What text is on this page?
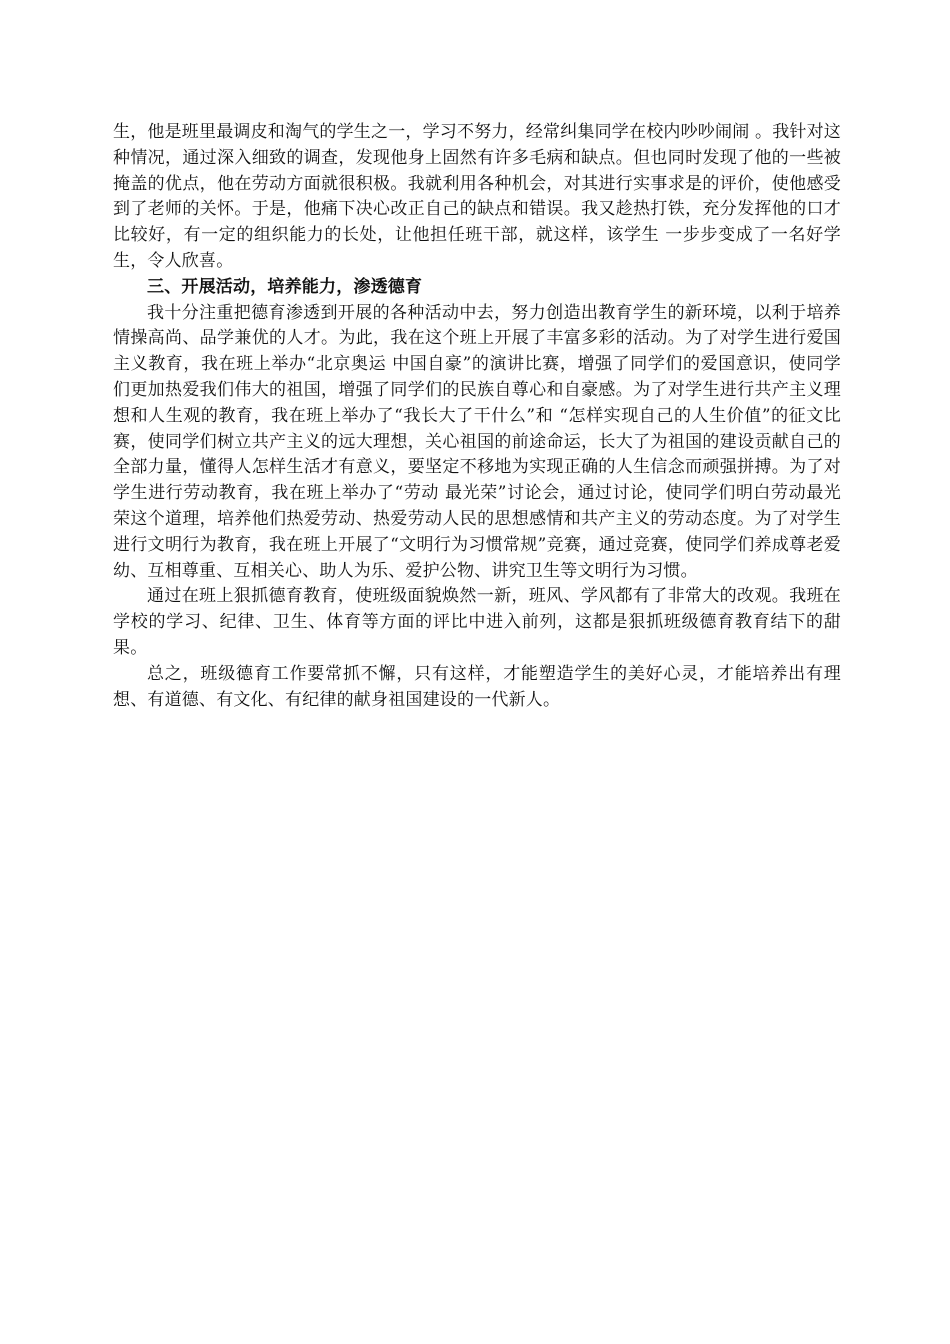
生，他是班里最调皮和淘气的学生之一，学习不努力，经常纠集同学在校内吵吵闹闹 。我针对这种情况，通过深入细致的调查，发现他身上固然有许多毛病和缺点。但也同时发现了他的一些被掩盖的优点，他在劳动方面就很积极。我就利用各种机会，对其进行实事求是的评价，使他感受到了老师的关怀。于是，他痛下决心改正自己的缺点和错误。我又趁热打铁，充分发挥他的口才比较好，有一定的组织能力的长处，让他担任班干部，就这样，该学生 一步步变成了一名好学生，令人欣喜。

三、开展活动，培养能力，渗透德育

我十分注重把德育渗透到开展的各种活动中去，努力创造出教育学生的新环境，以利于培养情操高尚、品学兼优的人才。为此，我在这个班上开展了丰富多彩的活动。为了对学生进行爱国主义教育，我在班上举办“北京奥运 中国自豪”的演讲比赛，增强了同学们的爱国意识，使同学们更加热爱我们伟大的祖国，增强了同学们的民族自尊心和自豪感。为了对学生进行共产主义理想和人生观的教育，我在班上举办了“我长大了干什么”和 “怎样实现自己的人生价值”的征文比赛，使同学们树立共产主义的远大理想，关心祖国的前途命运，长大了为祖国的建设贡献自己的全部力量，懂得人怎样生活才有意义，要坚定不移地为实现正确的人生信念而顽强拼搏。为了对学生进行劳动教育，我在班上举办了“劳动 最光荣”讨论会，通过讨论，使同学们明白劳动最光荣这个道理，培养他们热爱劳动、热爱劳动人民的思想感情和共产主义的劳动态度。为了对学生进行文明行为教育，我在班上开展了“文明行为习惯常规”竞赛，通过竞赛，使同学们养成尊老爱幼、互相尊重、互相关心、助人为乐、爱护公物、讲究卫生等文明行为习惯。

通过在班上狠抓德育教育，使班级面貌焕然一新，班风、学风都有了非常大的改观。我班在学校的学习、纪律、卫生、体育等方面的评比中进入前列，这都是狠抓班级德育教育结下的甜果。

总之，班级德育工作要常抓不懈，只有这样，才能塑造学生的美好心灵，才能培养出有理想、有道德、有文化、有纪律的献身祖国建设的一代新人。
